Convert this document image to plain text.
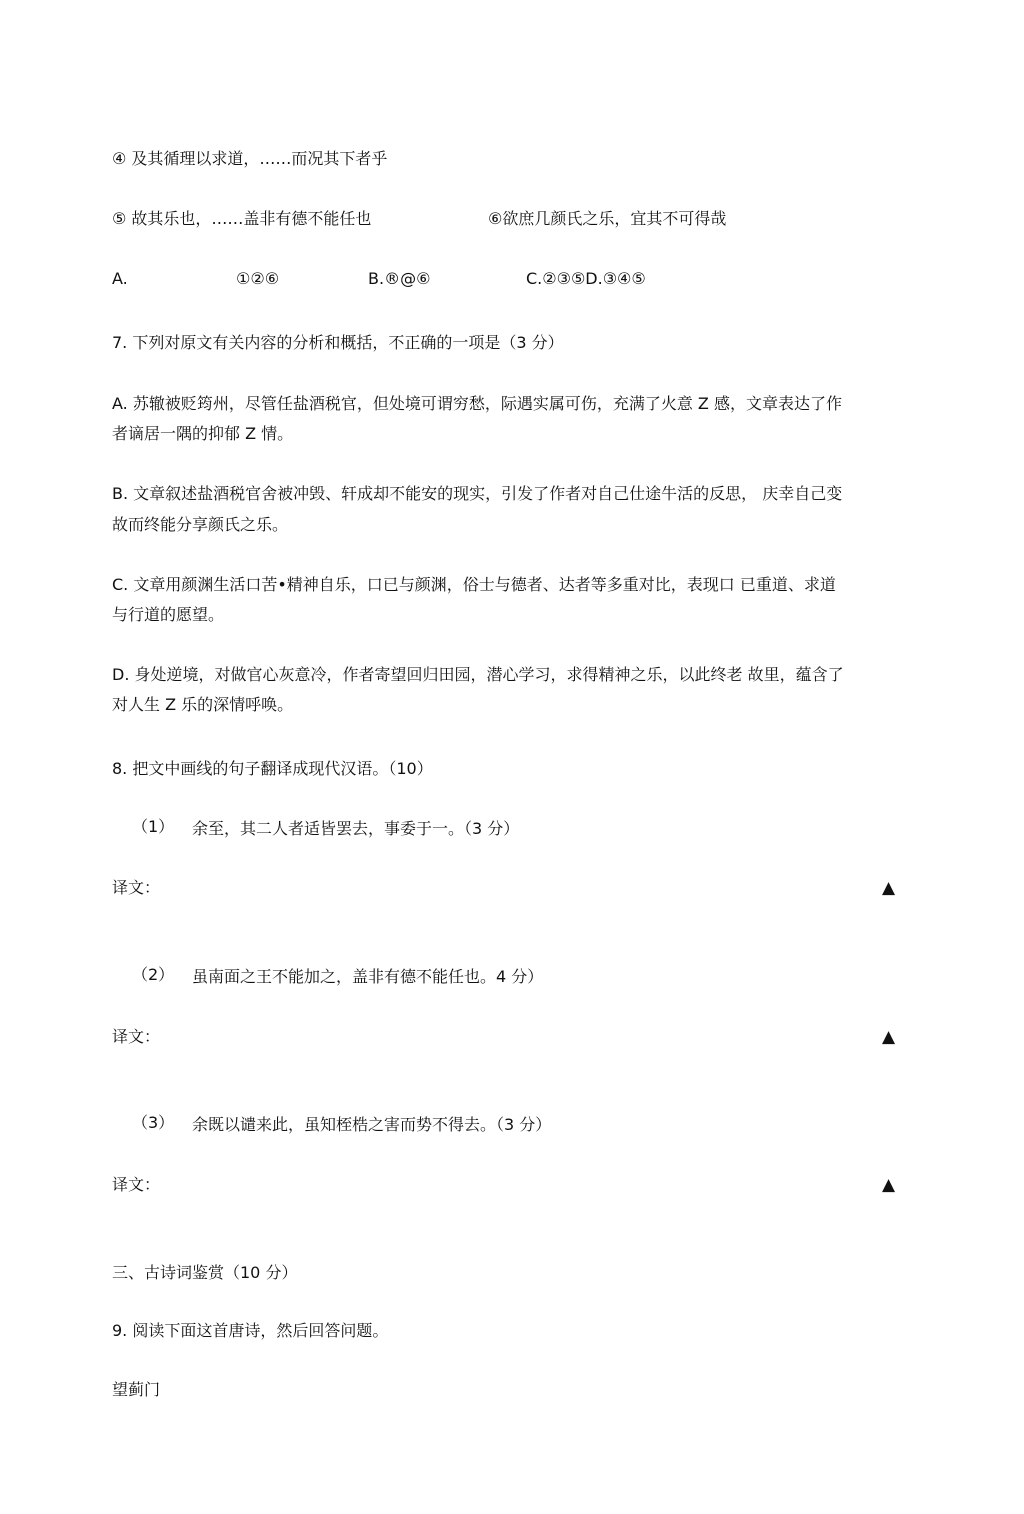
④ 及其循理以求道，……而况其下者乎
⑤ 故其乐也，……盖非有德不能任也	⑥欲庶几颜氏之乐，宜其不可得哉
A.	①②⑥	B.®@⑥	C.②③⑤D.③④⑤
7. 下列对原文有关内容的分析和概括，不正确的一项是（3 分）
A. 苏辙被贬筠州，尽管任盐酒税官，但处境可谓穷愁，际遇实属可伤，充满了火意 Z 感，文章表达了作
者谪居一隅的抑郁 Z 情。
B. 文章叙述盐酒税官舍被冲毁、轩成却不能安的现实，引发了作者对自己仕途牛活的反思， 庆幸自己变
故而终能分享颜氏之乐。
C. 文章用颜渊生活口苦•精神自乐，口已与颜渊，俗士与德者、达者等多重对比，表现口 已重道、求道
与行道的愿望。
D. 身处逆境，对做官心灰意冷，作者寄望回归田园，潜心学习，求得精神之乐，以此终老 故里，蕴含了
对人生 Z 乐的深情呼唤。
8. 把文中画线的句子翻译成现代汉语。（10）
（1） 余至，其二人者适皆罢去，事委于一。（3 分）
译文：	▲
（2） 虽南面之王不能加之，盖非有德不能任也。4 分）
译文：	▲
（3） 余既以谴来此，虽知桎梏之害而势不得去。（3 分）
译文：	▲
三、古诗词鉴赏（10 分）
9. 阅读下面这首唐诗，然后回答问题。
望蓟门
